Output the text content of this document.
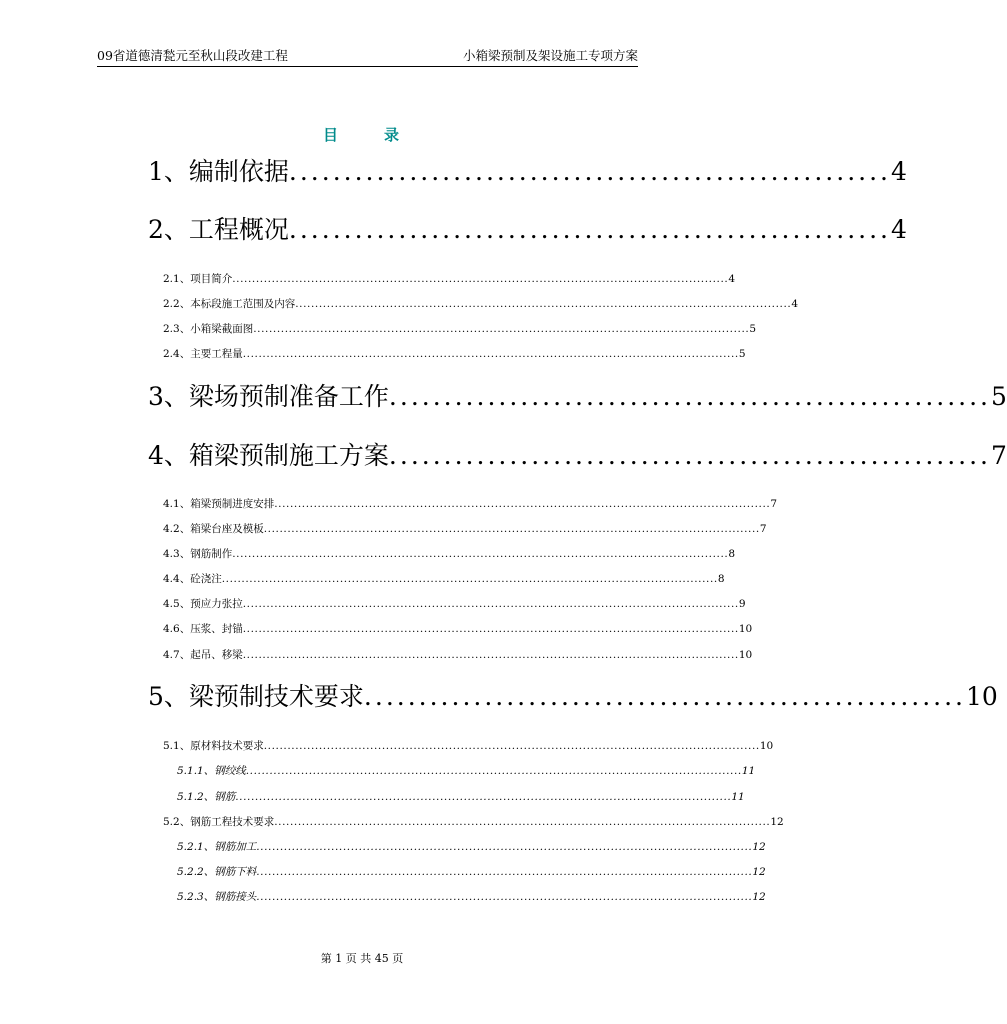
09省道德清甃元至秋山段改建工程	小箱梁预制及架设施工专项方案
目	录
1、编制依据 ....................................................... 4
2、工程概况 ....................................................... 4
2.1、项目简介 .............................................................................................................................. 4
2.2、本标段施工范围及内容 .............................................................................................................................. 4
2.3、小箱梁截面图 .............................................................................................................................. 5
2.4、主要工程量 .............................................................................................................................. 5
3、梁场预制准备工作 ....................................................... 5
4、箱梁预制施工方案 ....................................................... 7
4.1、箱梁预制进度安排 .............................................................................................................................. 7
4.2、箱梁台座及模板 .............................................................................................................................. 7
4.3、钢筋制作 .............................................................................................................................. 8
4.4、砼浇注 .............................................................................................................................. 8
4.5、预应力张拉 .............................................................................................................................. 9
4.6、压浆、封锚 .............................................................................................................................. 10
4.7、起吊、移梁 .............................................................................................................................. 10
5、梁预制技术要求 ....................................................... 10
5.1、原材料技术要求 .............................................................................................................................. 10
5.1.1、钢绞线 .............................................................................................................................. 11
5.1.2、钢筋 .............................................................................................................................. 11
5.2、钢筋工程技术要求 .............................................................................................................................. 12
5.2.1、钢筋加工 .............................................................................................................................. 12
5.2.2、钢筋下料 .............................................................................................................................. 12
5.2.3、钢筋接头 .............................................................................................................................. 12
第 1 页 共 45 页
